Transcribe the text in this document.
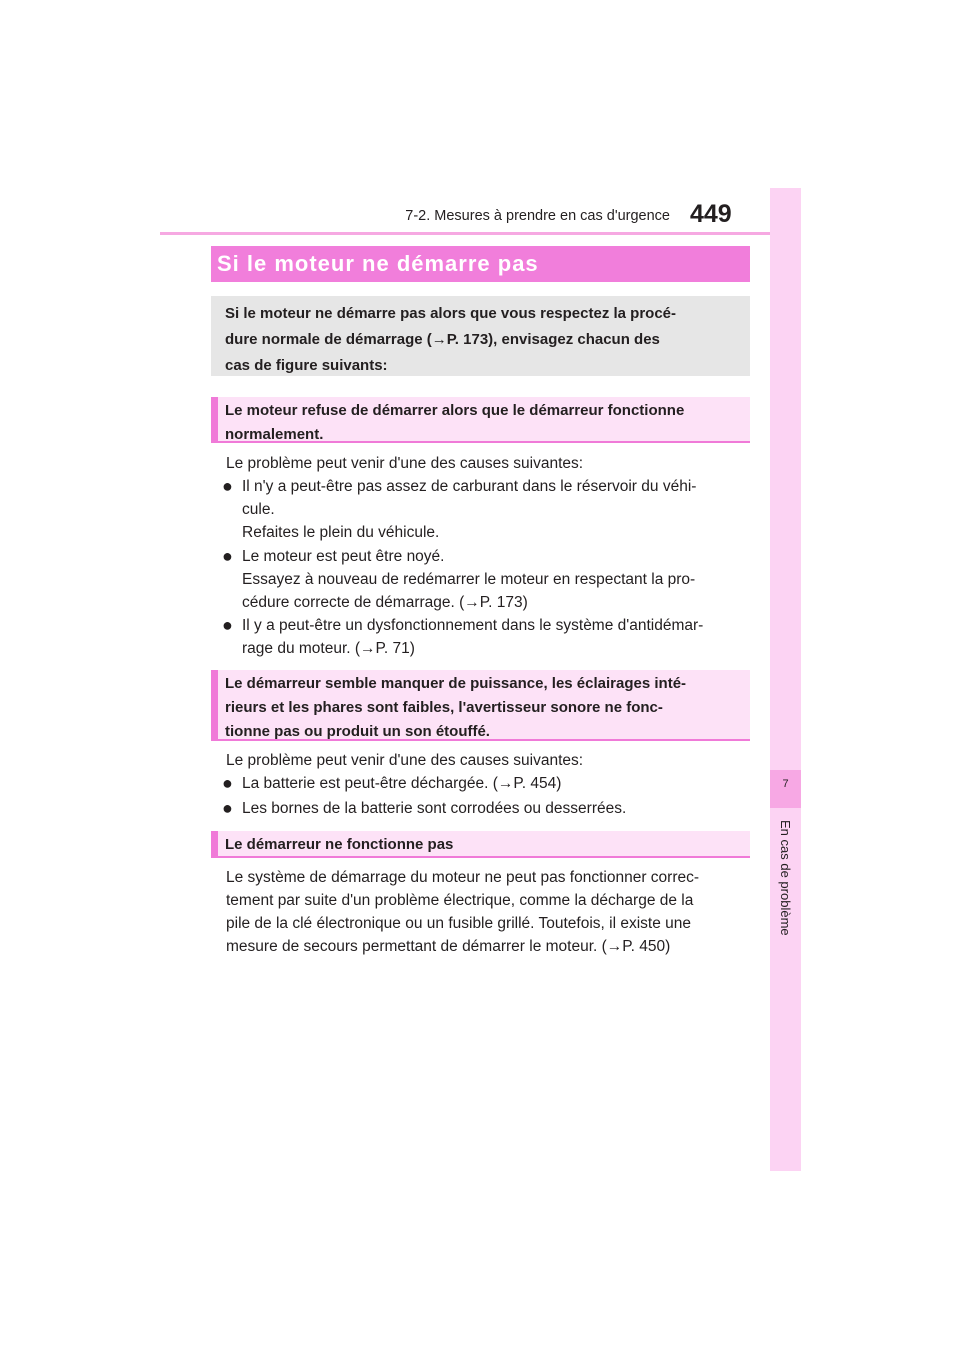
7-2. Mesures à prendre en cas d'urgence 449
7
En cas de problème
Si le moteur ne démarre pas
Si le moteur ne démarre pas alors que vous respectez la procé-
dure normale de démarrage (→P. 173), envisagez chacun des
cas de figure suivants:
Le moteur refuse de démarrer alors que le démarreur fonctionne
normalement.
Le problème peut venir d'une des causes suivantes:
● Il n'y a peut-être pas assez de carburant dans le réservoir du véhi-
cule.
Refaites le plein du véhicule.
● Le moteur est peut être noyé.
Essayez à nouveau de redémarrer le moteur en respectant la pro-
cédure correcte de démarrage. (→P. 173)
● Il y a peut-être un dysfonctionnement dans le système d'antidémar-
rage du moteur. (→P. 71)
Le démarreur semble manquer de puissance, les éclairages inté-
rieurs et les phares sont faibles, l'avertisseur sonore ne fonc-
tionne pas ou produit un son étouffé.
Le problème peut venir d'une des causes suivantes:
● La batterie est peut-être déchargée. (→P. 454)
● Les bornes de la batterie sont corrodées ou desserrées.
Le démarreur ne fonctionne pas
Le système de démarrage du moteur ne peut pas fonctionner correc-
tement par suite d'un problème électrique, comme la décharge de la
pile de la clé électronique ou un fusible grillé. Toutefois, il existe une
mesure de secours permettant de démarrer le moteur. (→P. 450)
